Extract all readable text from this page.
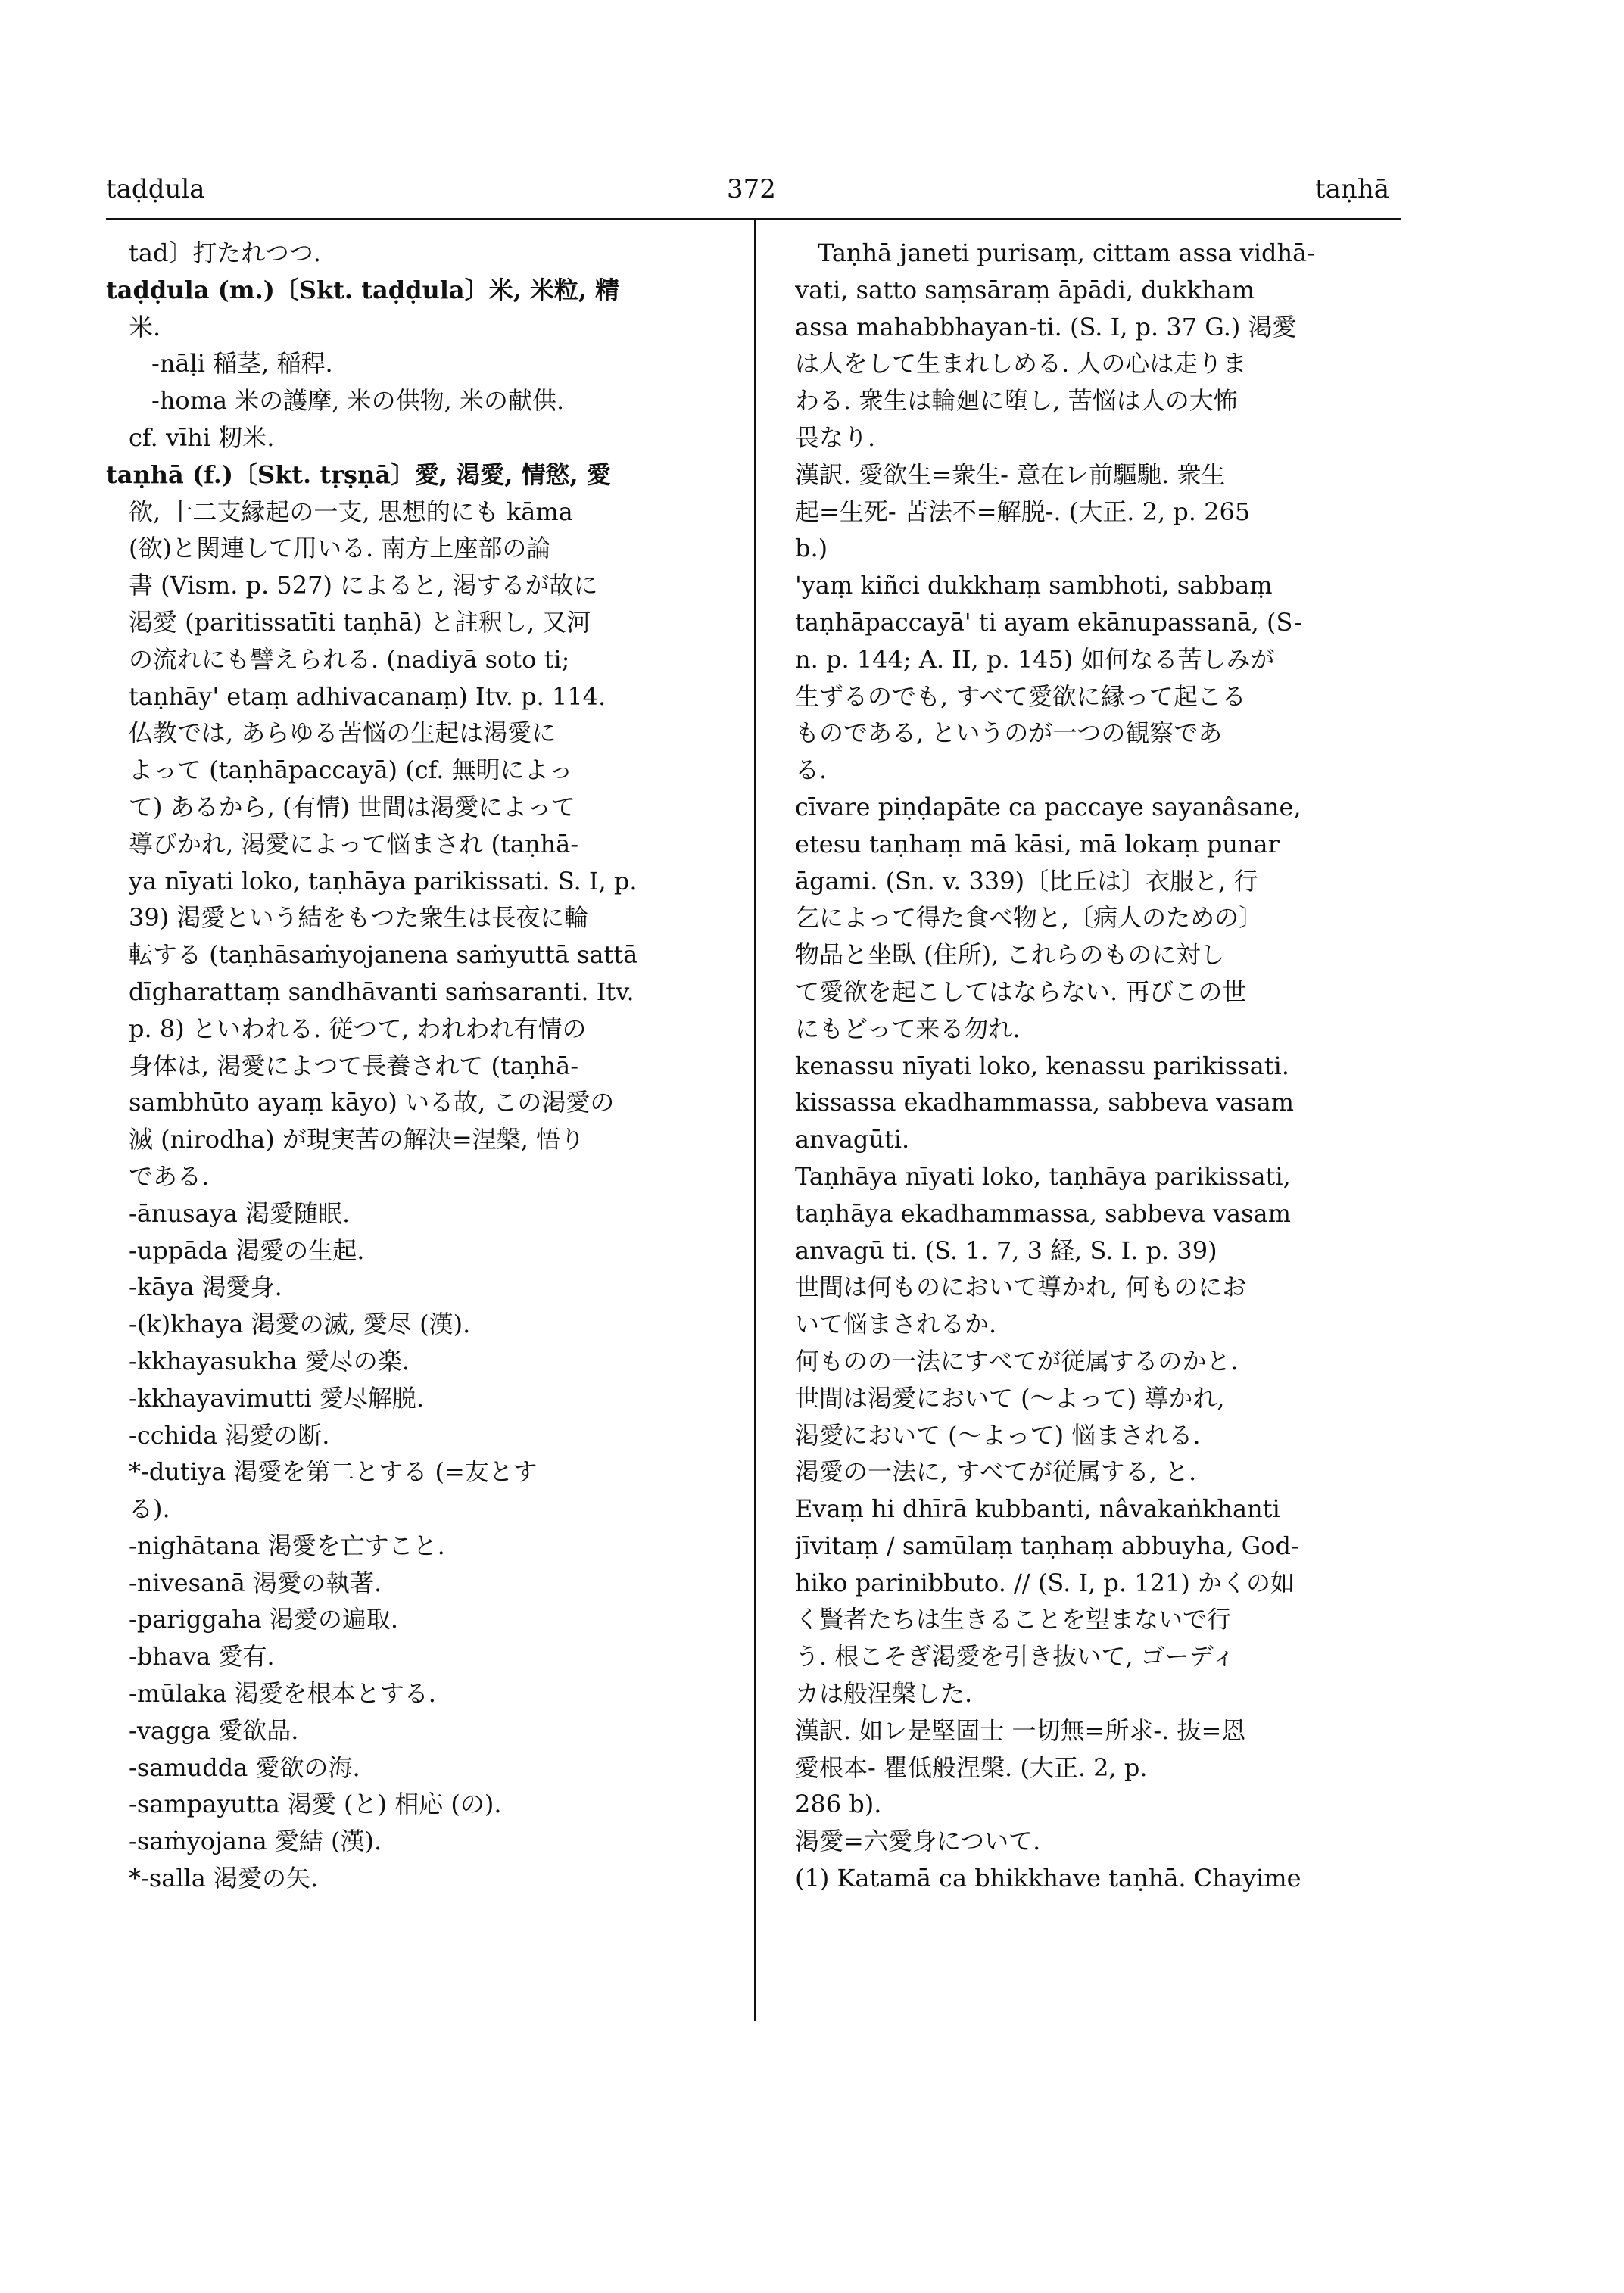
taḍḍula	372	taṇhā
tad〕打たれつつ.
taḍḍula (m.)〔Skt. taḍḍula〕米, 米粒, 精
米.
-nāḷi 稲茎, 稲稈.
-homa 米の護摩, 米の供物, 米の献供.
cf. vīhi 籾米.
taṇhā (f.)〔Skt. tṛṣṇā〕愛, 渇愛, 情慾, 愛
欲, 十二支縁起の一支, 思想的にも kāma
(欲)と関連して用いる. 南方上座部の論
書 (Vism. p. 527) によると, 渇するが故に
渇愛 (paritissatīti taṇhā) と註釈し, 又河
の流れにも譬えられる. (nadiyā soto ti;
taṇhāy' etaṃ adhivacanaṃ) Itv. p. 114.
仏教では, あらゆる苦悩の生起は渇愛に
よって (taṇhāpaccayā) (cf. 無明によっ
て) あるから, (有情) 世間は渇愛によって
導びかれ, 渇愛によって悩まされ (taṇhā-
ya nīyati loko, taṇhāya parikissati. S. I, p.
39) 渇愛という結をもつた衆生は長夜に輪
転する (taṇhāsaṁyojanena saṁyuttā sattā
dīgharattaṃ sandhāvanti saṁsaranti. Itv.
p. 8) といわれる. 従つて, われわれ有情の
身体は, 渇愛によつて長養されて (taṇhā-
sambhūto ayaṃ kāyo) いる故, この渇愛の
滅 (nirodha) が現実苦の解決=涅槃, 悟り
である.
-ānusaya 渇愛随眠.
-uppāda 渇愛の生起.
-kāya 渇愛身.
-(k)khaya 渇愛の滅, 愛尽 (漢).
-kkhayasukha 愛尽の楽.
-kkhayavimutti 愛尽解脱.
-cchida 渇愛の断.
*-dutiya 渇愛を第二とする (=友とす
る).
-nighātana 渇愛を亡すこと.
-nivesanā 渇愛の執著.
-pariggaha 渇愛の遍取.
-bhava 愛有.
-mūlaka 渇愛を根本とする.
-vagga 愛欲品.
-samudda 愛欲の海.
-sampayutta 渇愛 (と) 相応 (の).
-saṁyojana 愛結 (漢).
*-salla 渇愛の矢.
Taṇhā janeti purisaṃ, cittam assa vidhā-
vati, satto saṃsāraṃ āpādi, dukkham
assa mahabbhayan-ti. (S. I, p. 37 G.) 渇愛
は人をして生まれしめる. 人の心は走りま
わる. 衆生は輪廻に堕し, 苦悩は人の大怖
畏なり.
漢訳. 愛欲生=衆生- 意在レ前驅馳. 衆生
起=生死- 苦法不=解脱-. (大正. 2, p. 265
b.)
'yaṃ kiñci dukkhaṃ sambhoti, sabbaṃ
taṇhāpaccayā' ti ayam ekānupassanā, (S-
n. p. 144; A. II, p. 145) 如何なる苦しみが
生ずるのでも, すべて愛欲に縁って起こる
ものである, というのが一つの観察であ
る.
cīvare piṇḍapāte ca paccaye sayanâsane,
etesu taṇhaṃ mā kāsi, mā lokaṃ punar
āgami. (Sn. v. 339)〔比丘は〕衣服と, 行
乞によって得た食べ物と,〔病人のための〕
物品と坐臥 (住所), これらのものに対し
て愛欲を起こしてはならない. 再びこの世
にもどって来る勿れ.
kenassu nīyati loko, kenassu parikissati.
kissassa ekadhammassa, sabbeva vasam
anvagūti.
Taṇhāya nīyati loko, taṇhāya parikissati,
taṇhāya ekadhammassa, sabbeva vasam
anvagū ti. (S. 1. 7, 3 経, S. I. p. 39)
世間は何ものにおいて導かれ, 何ものにお
いて悩まされるか.
何ものの一法にすべてが従属するのかと.
世間は渇愛において (〜よって) 導かれ,
渇愛において (〜よって) 悩まされる.
渇愛の一法に, すべてが従属する, と.
Evaṃ hi dhīrā kubbanti, nâvakaṅkhanti
jīvitaṃ / samūlaṃ taṇhaṃ abbuyha, God-
hiko parinibbuto. // (S. I, p. 121) かくの如
く賢者たちは生きることを望まないで行
う. 根こそぎ渇愛を引き抜いて, ゴーディ
カは般涅槃した.
漢訳. 如レ是堅固士 一切無=所求-. 抜=恩
愛根本- 瞿低般涅槃. (大正. 2, p.
286 b).
渇愛=六愛身について.
(1) Katamā ca bhikkhave taṇhā. Chayime
